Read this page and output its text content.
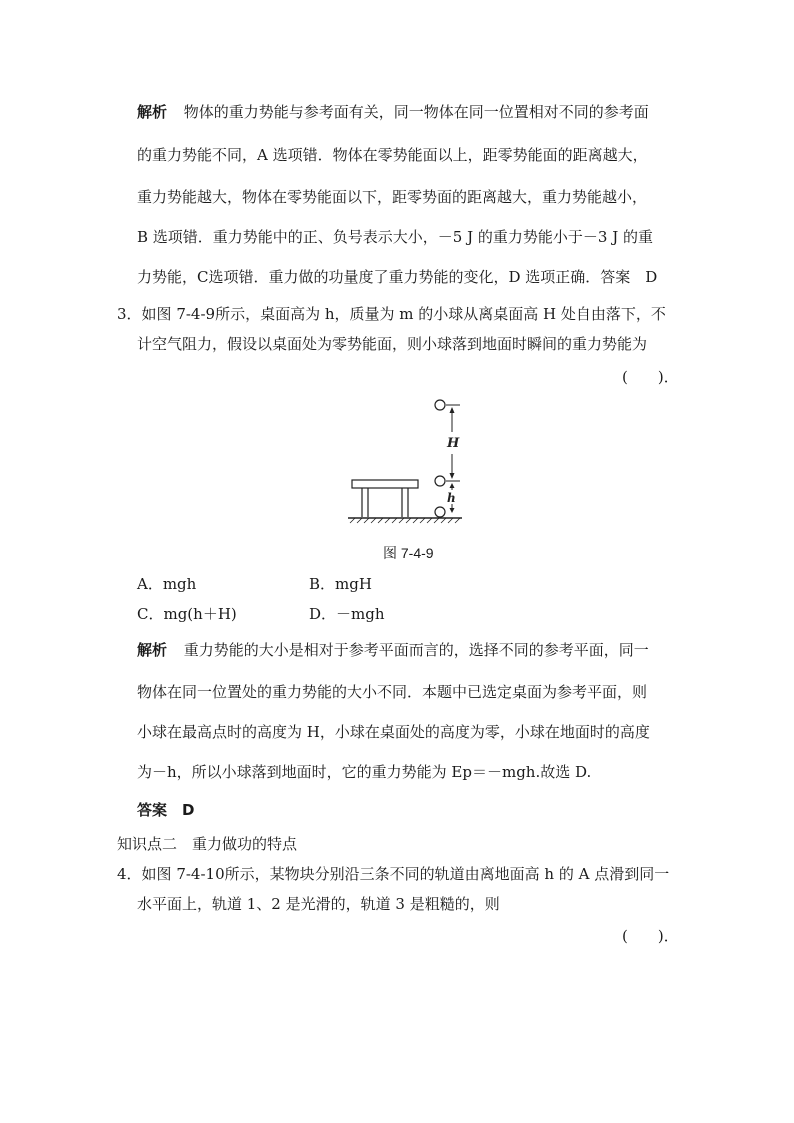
解析 物体的重力势能与参考面有关，同一物体在同一位置相对不同的参考面
的重力势能不同，A 选项错．物体在零势能面以上，距零势能面的距离越大，
重力势能越大，物体在零势能面以下，距零势面的距离越大，重力势能越小，
B 选项错．重力势能中的正、负号表示大小，－5 J 的重力势能小于－3 J 的重
力势能，C选项错．重力做的功量度了重力势能的变化，D 选项正确．答案　D
3．如图 7-4-9所示，桌面高为 h，质量为 m 的小球从离桌面高 H 处自由落下，不
计空气阻力，假设以桌面处为零势能面，则小球落到地面时瞬间的重力势能为
(　　)．
H
h
图 7-4-9
A．mgh	B．mgH
C．mg(h＋H)	D．－mgh
解析 重力势能的大小是相对于参考平面而言的，选择不同的参考平面，同一
物体在同一位置处的重力势能的大小不同．本题中已选定桌面为参考平面，则
小球在最高点时的高度为 H，小球在桌面处的高度为零，小球在地面时的高度
为－h，所以小球落到地面时，它的重力势能为 Ep＝－mgh.故选 D.
答案　D
知识点二　重力做功的特点
4．如图 7-4-10所示，某物块分别沿三条不同的轨道由离地面高 h 的 A 点滑到同一
水平面上，轨道 1、2 是光滑的，轨道 3 是粗糙的，则
(　　)．
